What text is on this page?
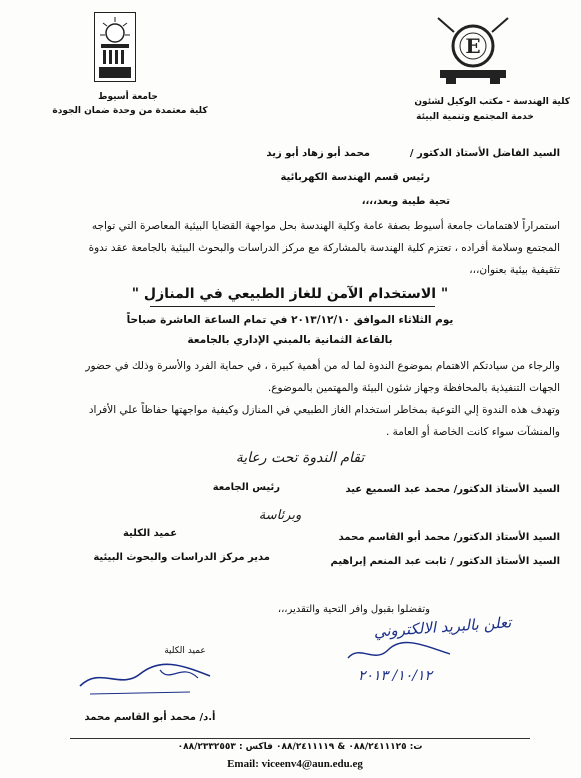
جامعة أسيوط
كلية معتمدة من وحدة ضمان الجودة
E
كلية الهندسة - مكتب الوكيل لشئون
خدمة المجتمع وتنمية البيئة
السيد الفاضل الأستاذ الدكتور /
محمد أبو زهاد أبو زيد
رئيس قسم الهندسة الكهربائية
تحية طيبة وبعد،،،،
استمراراً لاهتمامات جامعة أسيوط بصفة عامة وكلية الهندسة بحل مواجهة القضايا البيئية المعاصرة التي تواجه
المجتمع وسلامة أفراده ، تعتزم كلية الهندسة بالمشاركة مع مركز الدراسات والبحوث البيئية بالجامعة عقد ندوة
تثقيفية بيئية بعنوان،،،
" الاستخدام الآمن للغاز الطبيعي في المنازل "
يوم الثلاثاء الموافق ٢٠١٣/١٢/١٠ في تمام الساعة العاشرة صباحاً
بالقاعة الثمانية بالمبني الإداري بالجامعة
والرجاء من سيادتكم الاهتمام بموضوع الندوة لما له من أهمية كبيرة ، في حماية الفرد والأسرة وذلك في حضور
الجهات التنفيذية بالمحافظة وجهاز شئون البيئة والمهتمين بالموضوع.
وتهدف هذه الندوة إلي التوعية بمخاطر استخدام الغاز الطبيعي في المنازل وكيفية مواجهتها حفاظاً علي الأفراد
والمنشآت سواء كانت الخاصة أو العامة .
تقام الندوة تحت رعاية
السيد الأستاذ الدكتور/ محمد عبد السميع عيد
رئيس الجامعة
وبرئاسة
السيد الأستاذ الدكتور/ محمد أبو القاسم محمد
عميد الكلية
السيد الأستاذ الدكتور / ثابت عبد المنعم إبراهيم
مدير مركز الدراسات والبحوث البيئية
وتفضلوا بقبول وافر التحية والتقدير،،،
عميد الكلية
أ.د/ محمد أبو القاسم محمد
تعلن بالبريد الالكتروني
١٠/١٢/ ٢٠١٣
ت: ٠٨٨/٢٤١١١٢٥ & ٠٨٨/٢٤١١١١٩ فاكس : ٠٨٨/٢٣٣٢٥٥٣
Email: viceenv4@aun.edu.eg
